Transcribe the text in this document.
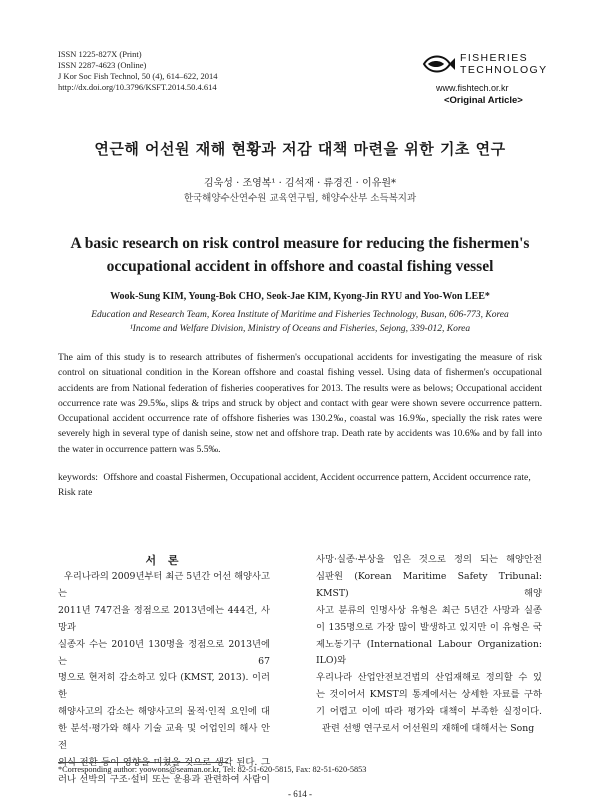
ISSN 1225-827X (Print)
ISSN 2287-4623 (Online)
J Kor Soc Fish Technol, 50 (4), 614–622, 2014
http://dx.doi.org/10.3796/KSFT.2014.50.4.614
FISHERIES
TECHNOLOGY
www.fishtech.or.kr
<Original Article>
연근해 어선원 재해 현황과 저감 대책 마련을 위한 기초 연구
김욱성 · 조영복¹ · 김석재 · 류경진 · 이유원*
한국해양수산연수원 교육연구팀, 해양수산부 소득복지과
A basic research on risk control measure for reducing the fishermen's
occupational accident in offshore and coastal fishing vessel
Wook-Sung KIM, Young-Bok CHO, Seok-Jae KIM, Kyong-Jin RYU and Yoo-Won LEE*
Education and Research Team, Korea Institute of Maritime and Fisheries Technology, Busan, 606-773, Korea
¹Income and Welfare Division, Ministry of Oceans and Fisheries, Sejong, 339-012, Korea
The aim of this study is to research attributes of fishermen's occupational accidents for investigating the measure of risk control on situational condition in the Korean offshore and coastal fishing vessel. Using data of fishermen's occupational accidents are from National federation of fisheries cooperatives for 2013. The results were as belows; Occupational accident occurrence rate was 29.5‰, slips & trips and struck by object and contact with gear were shown severe occurrence pattern. Occupational accident occurrence rate of offshore fisheries was 130.2‰, coastal was 16.9‰, specially the risk rates were severely high in several type of danish seine, stow net and offshore trap. Death rate by accidents was 10.6‰ and by fall into the water in occurrence pattern was 5.5‰.
keywords: Offshore and coastal Fishermen, Occupational accident, Accident occurrence pattern, Accident occurrence rate, Risk rate
서 론
우리나라의 2009년부터 최근 5년간 어선 해양사고는
2011년 747건을 정점으로 2013년에는 444건, 사망과
실종자 수는 2010년 130명을 정점으로 2013년에는 67
명으로 현저히 감소하고 있다 (KMST, 2013). 이러한
해양사고의 감소는 해양사고의 물적·인적 요인에 대
한 분석·평가와 해사 기술 교육 및 어업인의 해사 안전
의식 전환 등이 영향을 미쳤을 것으로 생각 된다. 그
러나 선박의 구조·설비 또는 운용과 관련하여 사람이
사망·실종·부상을 입은 것으로 정의 되는 해양안전
심판원 (Korean Maritime Safety Tribunal: KMST) 해양
사고 분류의 인명사상 유형은 최근 5년간 사망과 실종
이 135명으로 가장 많이 발생하고 있지만 이 유형은 국
제노동기구 (International Labour Organization: ILO)와
우리나라 산업안전보건법의 산업재해로 정의할 수 있
는 것이어서 KMST의 통계에서는 상세한 자료를 구하
기 어렵고 이에 따라 평가와 대책이 부족한 실정이다.
관련 선행 연구로서 어선원의 재해에 대해서는 Song
*Corresponding author: yoowons@seaman.or.kr, Tel: 82-51-620-5815, Fax: 82-51-620-5853
- 614 -
